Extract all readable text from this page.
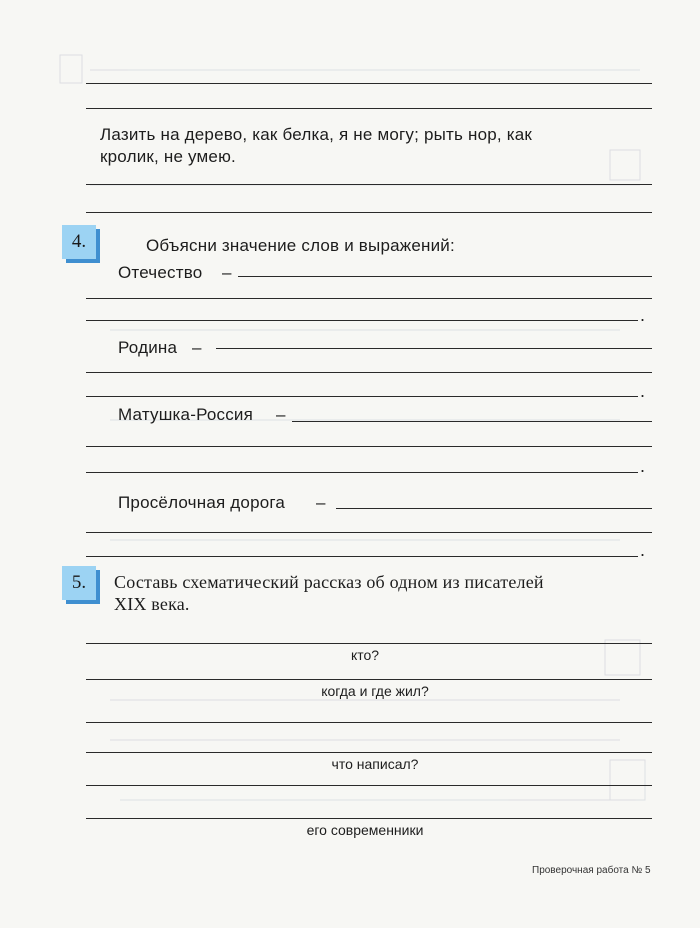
Лазить на дерево, как белка, я не могу; рыть нор, как
кролик, не умею.
4.	Объясни значение слов и выражений:
Отечество –
.
Родина –
.
Матушка-Россия –
.
Просёлочная дорога –
.
5.	Составь схематический рассказ об одном из писателей
XIX века.
кто?
когда и где жил?
что написал?
его современники
Проверочная работа № 5
